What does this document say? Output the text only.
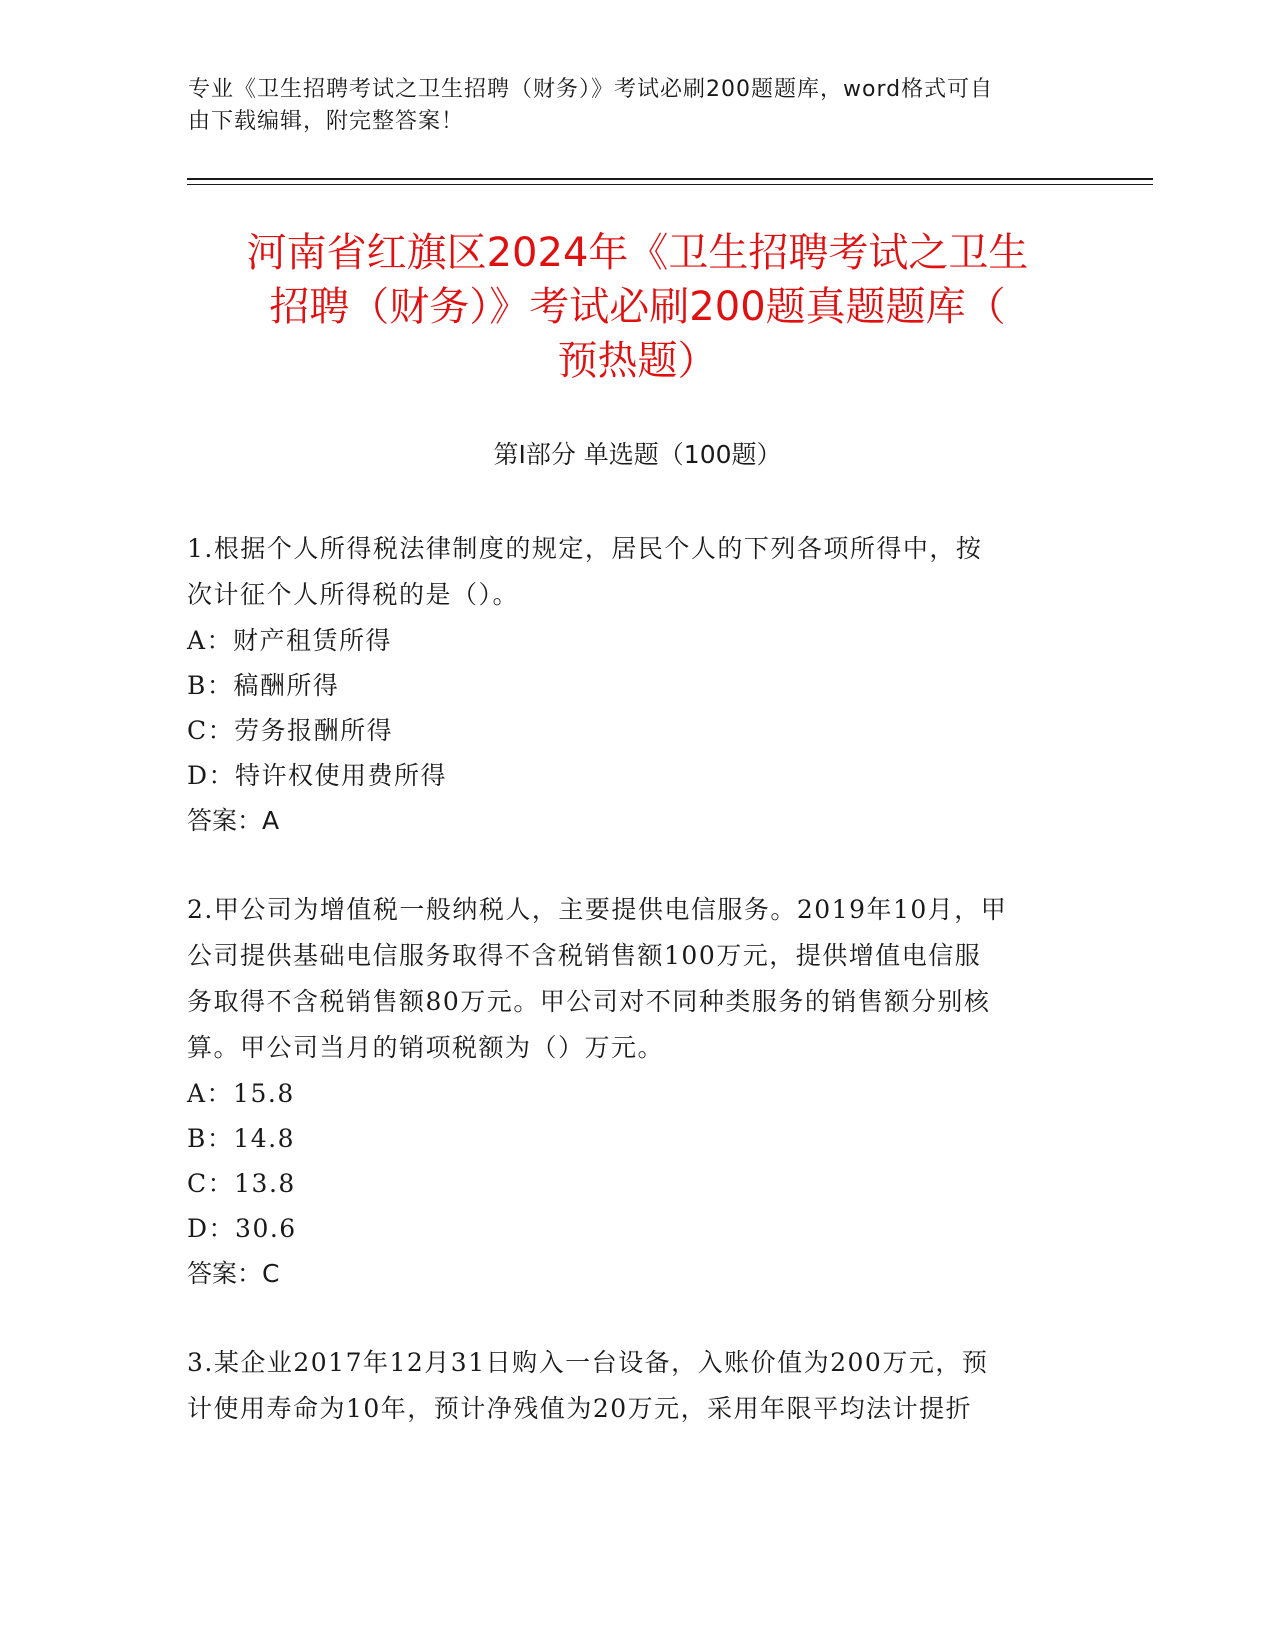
专业《卫生招聘考试之卫生招聘（财务）》考试必刷200题题库，word格式可自
由下载编辑，附完整答案！
河南省红旗区2024年《卫生招聘考试之卫生
招聘（财务）》考试必刷200题真题题库（
预热题）
第Ⅰ部分 单选题（100题）

1.根据个人所得税法律制度的规定，居民个人的下列各项所得中，按
次计征个人所得税的是（）。

A：财产租赁所得

B：稿酬所得

C：劳务报酬所得

D：特许权使用费所得

答案：A

2.甲公司为增值税一般纳税人，主要提供电信服务。2019年10月，甲
公司提供基础电信服务取得不含税销售额100万元，提供增值电信服
务取得不含税销售额80万元。甲公司对不同种类服务的销售额分别核
算。甲公司当月的销项税额为（）万元。

A：15.8

B：14.8

C：13.8

D：30.6

答案：C

3.某企业2017年12月31日购入一台设备，入账价值为200万元，预
计使用寿命为10年，预计净残值为20万元，采用年限平均法计提折
